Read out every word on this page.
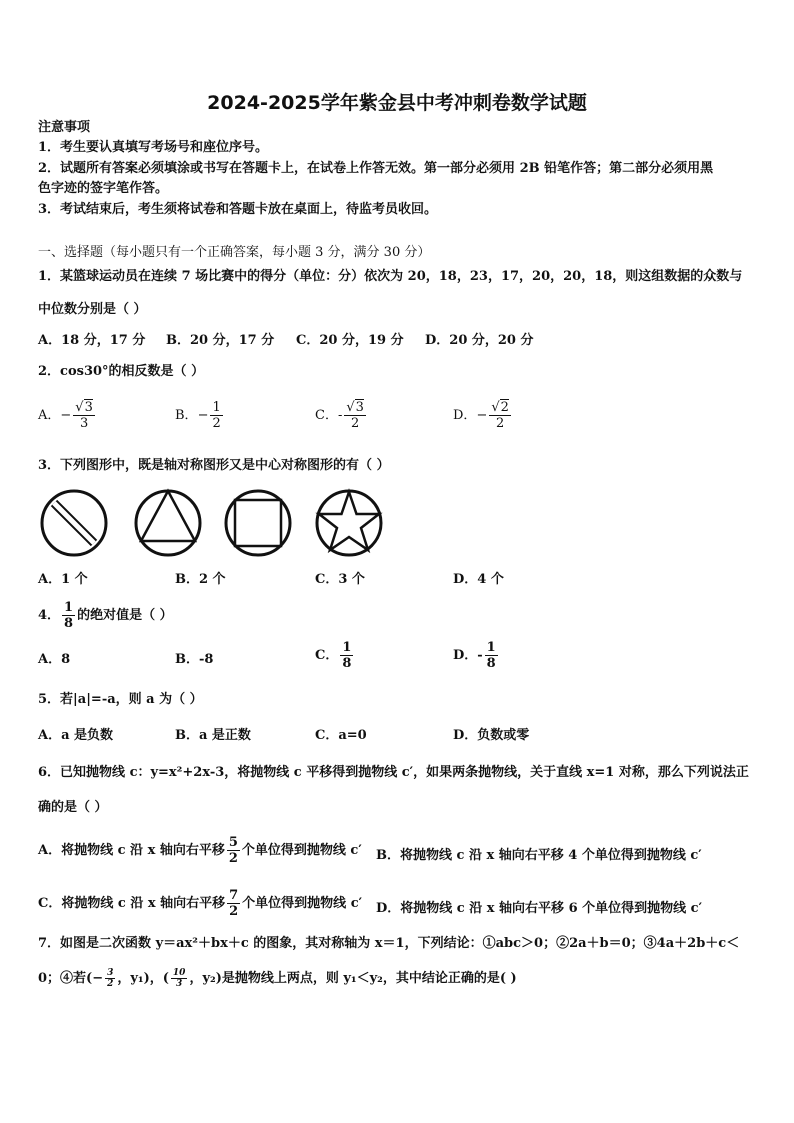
2024-2025学年紫金县中考冲刺卷数学试题
注意事项
1．考生要认真填写考场号和座位序号。
2．试题所有答案必须填涂或书写在答题卡上，在试卷上作答无效。第一部分必须用 2B 铅笔作答；第二部分必须用黑
色字迹的签字笔作答。
3．考试结束后，考生须将试卷和答题卡放在桌面上，待监考员收回。
一、选择题（每小题只有一个正确答案，每小题 3 分，满分 30 分）
1．某篮球运动员在连续 7 场比赛中的得分（单位：分）依次为 20，18，23，17，20，20，18，则这组数据的众数与
中位数分别是（ ）
A．18 分，17 分 B．20 分，17 分 C．20 分，19 分 D．20 分，20 分
2．cos30°的相反数是（ ）
A．− $\frac{√3}{3}$	B．− $\frac{1}{2}$	C．- $\frac{√3}{2}$	D．− $\frac{√2}{2}$
3．下列图形中，既是轴对称图形又是中心对称图形的有（ ）
A．1 个	B．2 个	C．3 个	D．4 个
4． $\frac{1}{8}$ 的绝对值是（ ）
A．8	B．-8	C． $\frac{1}{8}$	D．- $\frac{1}{8}$
5．若|a|=-a，则 a 为（ ）
A．a 是负数	B．a 是正数	C．a=0	D．负数或零
6．已知抛物线 c：y=x²+2x-3，将抛物线 c 平移得到抛物线 c′，如果两条抛物线，关于直线 x=1 对称，那么下列说法正
确的是（ ）
A．将抛物线 c 沿 x 轴向右平移 $\frac{5}{2}$ 个单位得到抛物线 c′ B．将抛物线 c 沿 x 轴向右平移 4 个单位得到抛物线 c′
C．将抛物线 c 沿 x 轴向右平移 $\frac{7}{2}$ 个单位得到抛物线 c′ D．将抛物线 c 沿 x 轴向右平移 6 个单位得到抛物线 c′
7．如图是二次函数 y＝ax²＋bx＋c 的图象，其对称轴为 x＝1，下列结论：①abc＞0；②2a＋b＝0；③4a＋2b＋c＜
0；④若(− $\frac{3}{2}$ ，y₁)，( $\frac{10}{3}$ ，y₂)是抛物线上两点，则 y₁＜y₂，其中结论正确的是( )
